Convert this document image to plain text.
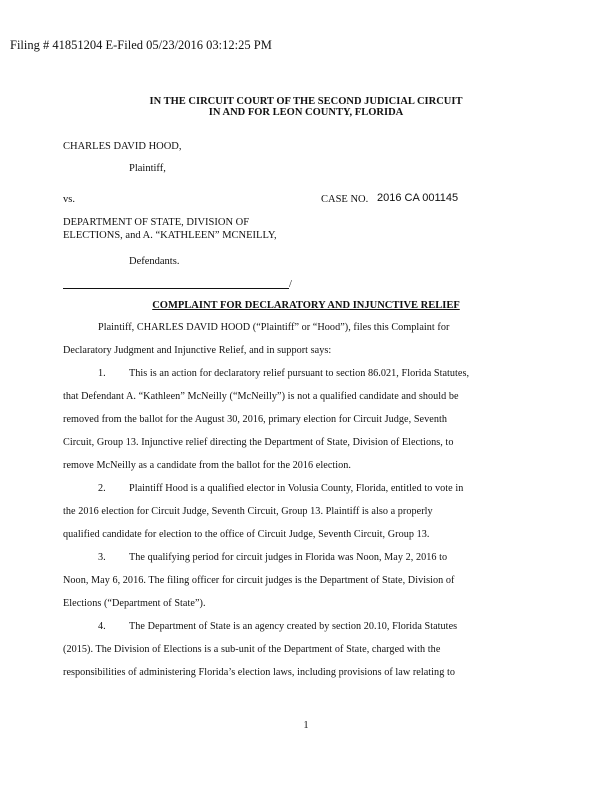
Filing # 41851204 E-Filed 05/23/2016 03:12:25 PM
IN THE CIRCUIT COURT OF THE SECOND JUDICIAL CIRCUIT
IN AND FOR LEON COUNTY, FLORIDA
CHARLES DAVID HOOD,
Plaintiff,
vs.	CASE NO. 2016 CA 001145
DEPARTMENT OF STATE, DIVISION OF
ELECTIONS, and A. “KATHLEEN” MCNEILLY,
Defendants.
/
COMPLAINT FOR DECLARATORY AND INJUNCTIVE RELIEF
Plaintiff, CHARLES DAVID HOOD (“Plaintiff” or “Hood”), files this Complaint for
Declaratory Judgment and Injunctive Relief, and in support says:
1. This is an action for declaratory relief pursuant to section 86.021, Florida Statutes,
that Defendant A. “Kathleen” McNeilly (“McNeilly”) is not a qualified candidate and should be
removed from the ballot for the August 30, 2016, primary election for Circuit Judge, Seventh
Circuit, Group 13. Injunctive relief directing the Department of State, Division of Elections, to
remove McNeilly as a candidate from the ballot for the 2016 election.
2. Plaintiff Hood is a qualified elector in Volusia County, Florida, entitled to vote in
the 2016 election for Circuit Judge, Seventh Circuit, Group 13. Plaintiff is also a properly
qualified candidate for election to the office of Circuit Judge, Seventh Circuit, Group 13.
3. The qualifying period for circuit judges in Florida was Noon, May 2, 2016 to
Noon, May 6, 2016. The filing officer for circuit judges is the Department of State, Division of
Elections (“Department of State”).
4. The Department of State is an agency created by section 20.10, Florida Statutes
(2015). The Division of Elections is a sub-unit of the Department of State, charged with the
responsibilities of administering Florida’s election laws, including provisions of law relating to
1
